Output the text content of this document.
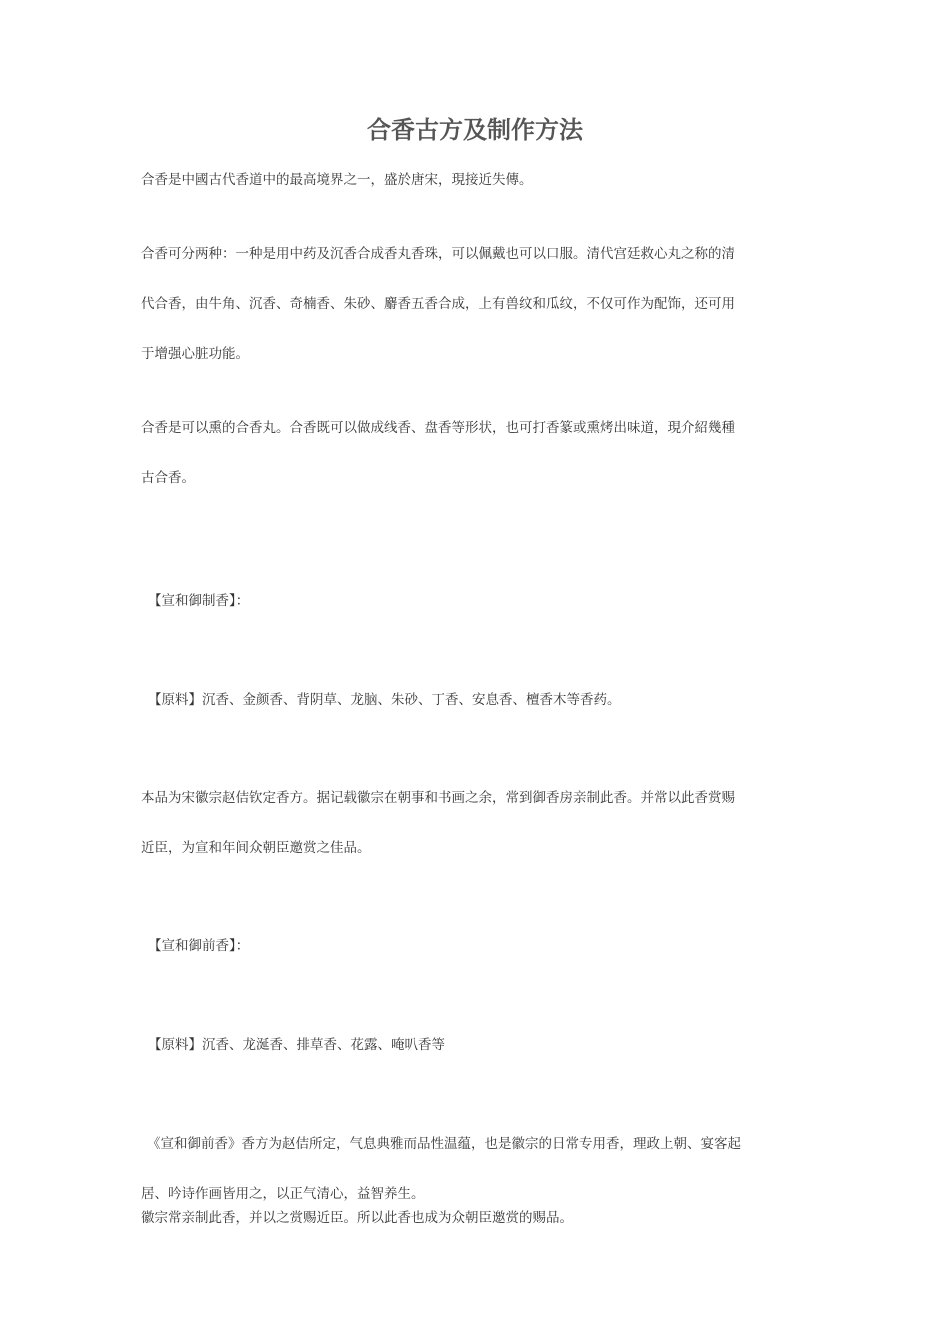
合香古方及制作方法
合香是中國古代香道中的最高境界之一，盛於唐宋，現接近失傳。
合香可分两种：一种是用中药及沉香合成香丸香珠，可以佩戴也可以口服。清代宫廷救心丸之称的清
代合香，由牛角、沉香、奇楠香、朱砂、麝香五香合成，上有兽纹和瓜纹，不仅可作为配饰，还可用
于增强心脏功能。
合香是可以熏的合香丸。合香既可以做成线香、盘香等形状，也可打香篆或熏烤出味道，現介紹幾種
古合香。
【宣和御制香】：
【原料】沉香、金颜香、背阴草、龙脑、朱砂、丁香、安息香、檀香木等香药。
本品为宋徽宗赵佶钦定香方。据记载徽宗在朝事和书画之余，常到御香房亲制此香。并常以此香赏赐
近臣，为宣和年间众朝臣邀赏之佳品。
【宣和御前香】：
【原料】沉香、龙涎香、排草香、花露、唵叭香等
《宣和御前香》香方为赵佶所定，气息典雅而品性温蕴，也是徽宗的日常专用香，理政上朝、宴客起
居、吟诗作画皆用之，以正气清心，益智养生。
徽宗常亲制此香，并以之赏赐近臣。所以此香也成为众朝臣邀赏的赐品。
